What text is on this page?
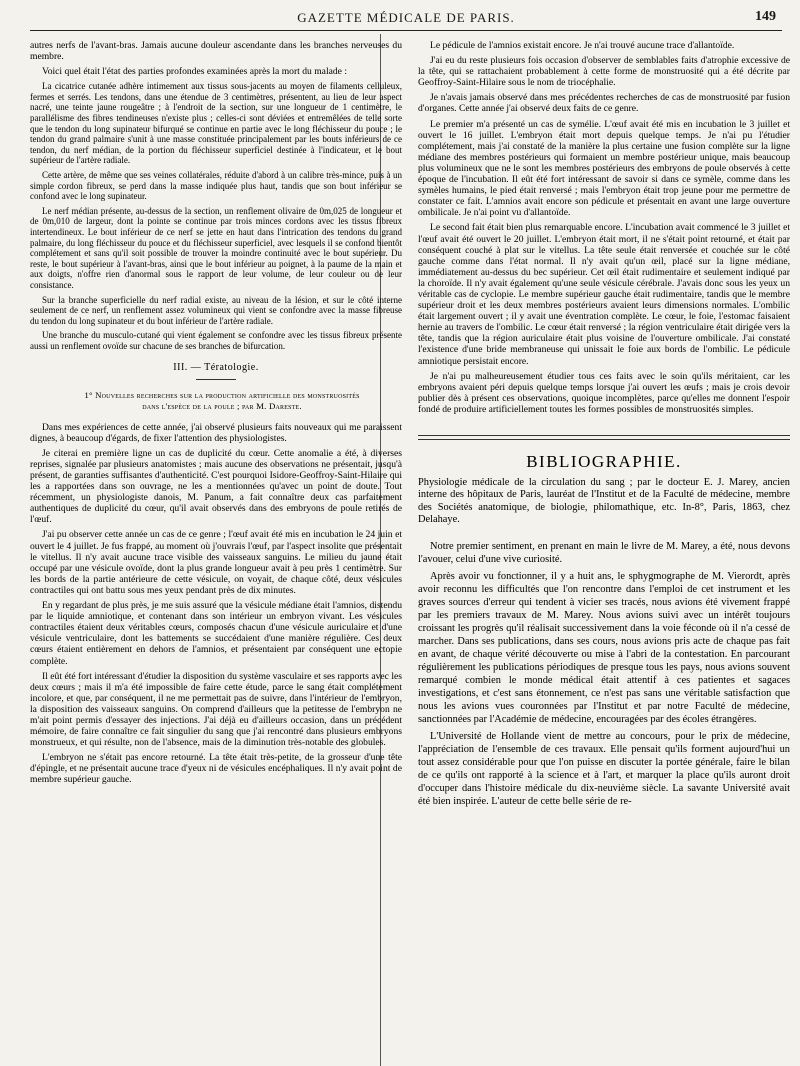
GAZETTE MÉDICALE DE PARIS.	149

autres nerfs de l'avant-bras. Jamais aucune douleur ascendante dans les branches nerveuses du membre.

Voici quel était l'état des parties profondes examinées après la mort du malade :

La cicatrice cutanée adhère intimement aux tissus sous-jacents au moyen de filaments celluleux, fermes et serrés. Les tendons, dans une étendue de 3 centimètres, présentent, au lieu de leur aspect nacré, une teinte jaune rougeâtre ; à l'endroit de la section, sur une longueur de 1 centimètre, le parallélisme des fibres tendineuses n'existe plus ; celles-ci sont déviées et entremêlées de telle sorte que le tendon du long supinateur bifurqué se continue en partie avec le long fléchisseur du pouce ; le tendon du grand palmaire s'unit à une masse constituée principalement par les bouts inférieurs de ce tendon, du nerf médian, de la portion du fléchisseur superficiel destinée à l'indicateur, et le bout supérieur de l'artère radiale.

Cette artère, de même que ses veines collatérales, réduite d'abord à un calibre très-mince, puis à un simple cordon fibreux, se perd dans la masse indiquée plus haut, tandis que son bout inférieur se confond avec le long supinateur.

Le nerf médian présente, au-dessus de la section, un renflement olivaire de 0m,025 de longueur et de 0m,010 de largeur, dont la pointe se continue par trois minces cordons avec les tissus fibreux intertendineux. Le bout inférieur de ce nerf se jette en haut dans l'intrication des tendons du grand palmaire, du long fléchisseur du pouce et du fléchisseur superficiel, avec lesquels il se confond bientôt complétement et sans qu'il soit possible de trouver la moindre continuité avec le bout supérieur. Du reste, le bout supérieur à l'avant-bras, ainsi que le bout inférieur au poignet, à la paume de la main et aux doigts, n'offre rien d'anormal sous le rapport de leur volume, de leur couleur ou de leur consistance.

Sur la branche superficielle du nerf radial existe, au niveau de la lésion, et sur le côté interne seulement de ce nerf, un renflement assez volumineux qui vient se confondre avec la masse fibreuse du tendon du long supinateur et du bout inférieur de l'artère radiale.

Une branche du musculo-cutané qui vient également se confondre avec les tissus fibreux présente aussi un renflement ovoïde sur chacune de ses branches de bifurcation.

III. — Tératologie.
1° Nouvelles recherches sur la production artificielle des monstruosités
dans l'espèce de la poule ; par M. Dareste.

Dans mes expériences de cette année, j'ai observé plusieurs faits nouveaux qui me paraissent dignes, à beaucoup d'égards, de fixer l'attention des physiologistes.

Je citerai en première ligne un cas de duplicité du cœur. Cette anomalie a été, à diverses reprises, signalée par plusieurs anatomistes ; mais aucune des observations ne présentait, jusqu'à présent, de garanties suffisantes d'authenticité. C'est pourquoi Isidore-Geoffroy-Saint-Hilaire qui les a rapportées dans son ouvrage, ne les a mentionnées qu'avec un point de doute. Tout récemment, un physiologiste danois, M. Panum, a fait connaître deux cas parfaitement authentiques de duplicité du cœur, qu'il avait observés dans des embryons de poule retirés de l'œuf.

J'ai pu observer cette année un cas de ce genre ; l'œuf avait été mis en incubation le 24 juin et ouvert le 4 juillet. Je fus frappé, au moment où j'ouvrais l'œuf, par l'aspect insolite que présentait le vitellus. Il n'y avait aucune trace visible des vaisseaux sanguins. Le milieu du jaune était occupé par une vésicule ovoïde, dont la plus grande longueur avait à peu près 1 centimètre. Sur les bords de la partie antérieure de cette vésicule, on voyait, de chaque côté, deux vésicules contractiles qui ont battu sous mes yeux pendant près de dix minutes.

En y regardant de plus près, je me suis assuré que la vésicule médiane était l'amnios, distendu par le liquide amniotique, et contenant dans son intérieur un embryon vivant. Les vésicules contractiles étaient deux véritables cœurs, composés chacun d'une vésicule auriculaire et d'une vésicule ventriculaire, dont les battements se succédaient d'une manière régulière. Ces deux cœurs étaient entièrement en dehors de l'amnios, et présentaient par conséquent une ectopie complète.

Il eût été fort intéressant d'étudier la disposition du système vasculaire et ses rapports avec les deux cœurs ; mais il m'a été impossible de faire cette étude, parce le sang était complétement incolore, et que, par conséquent, il ne me permettait pas de suivre, dans l'intérieur de l'embryon, la disposition des vaisseaux sanguins. On comprend d'ailleurs que la petitesse de l'embryon ne m'ait point permis d'essayer des injections. J'ai déjà eu d'ailleurs occasion, dans un précédent mémoire, de faire connaître ce fait singulier du sang que j'ai rencontré dans plusieurs embryons monstrueux, et qui résulte, non de l'absence, mais de la diminution très-notable des globules.

L'embryon ne s'était pas encore retourné. La tête était très-petite, de la grosseur d'une tête d'épingle, et ne présentait aucune trace d'yeux ni de vésicules encéphaliques. Il n'y avait point de membre supérieur gauche.

Le pédicule de l'amnios existait encore. Je n'ai trouvé aucune trace d'allantoïde.

J'ai eu du reste plusieurs fois occasion d'observer de semblables faits d'atrophie excessive de la tête, qui se rattachaient probablement à cette forme de monstruosité qui a été décrite par Geoffroy-Saint-Hilaire sous le nom de triocéphalie.

Je n'avais jamais observé dans mes précédentes recherches de cas de monstruosité par fusion d'organes. Cette année j'ai observé deux faits de ce genre.

Le premier m'a présenté un cas de symélie. L'œuf avait été mis en incubation le 3 juillet et ouvert le 16 juillet. L'embryon était mort depuis quelque temps. Je n'ai pu l'étudier complétement, mais j'ai constaté de la manière la plus certaine une fusion complète sur la ligne médiane des membres postérieurs qui formaient un membre postérieur unique, mais beaucoup plus volumineux que ne le sont les membres postérieurs des embryons de poule observés à cette époque de l'incubation. Il eût été fort intéressant de savoir si dans ce symèle, comme dans les symèles humains, le pied était renversé ; mais l'embryon était trop jeune pour me permettre de constater ce fait. L'amnios avait encore son pédicule et présentait en avant une large ouverture ombilicale. Je n'ai point vu d'allantoïde.

Le second fait était bien plus remarquable encore. L'incubation avait commencé le 3 juillet et l'œuf avait été ouvert le 20 juillet. L'embryon était mort, il ne s'était point retourné, et était par conséquent couché à plat sur le vitellus. La tête seule était renversée et couchée sur le côté gauche comme dans l'état normal. Il n'y avait qu'un œil, placé sur la ligne médiane, immédiatement au-dessus du bec supérieur. Cet œil était rudimentaire et seulement indiqué par la choroïde. Il n'y avait également qu'une seule vésicule cérébrale. J'avais donc sous les yeux un véritable cas de cyclopie. Le membre supérieur gauche était rudimentaire, tandis que le membre supérieur droit et les deux membres postérieurs avaient leurs dimensions normales. L'ombilic était largement ouvert ; il y avait une éventration complète. Le cœur, le foie, l'estomac faisaient hernie au travers de l'ombilic. Le cœur était renversé ; la région ventriculaire était dirigée vers la tête, tandis que la région auriculaire était plus voisine de l'ouverture ombilicale. J'ai constaté l'existence d'une bride membraneuse qui unissait le foie aux bords de l'ombilic. Le pédicule amniotique persistait encore.

Je n'ai pu malheureusement étudier tous ces faits avec le soin qu'ils méritaient, car les embryons avaient péri depuis quelque temps lorsque j'ai ouvert les œufs ; mais je crois devoir publier dès à présent ces observations, quoique incomplètes, parce qu'elles me donnent l'espoir fondé de produire artificiellement toutes les formes possibles de monstruosités simples.

BIBLIOGRAPHIE.

Physiologie médicale de la circulation du sang ; par le docteur E. J. Marey, ancien interne des hôpitaux de Paris, lauréat de l'Institut et de la Faculté de médecine, membre des Sociétés anatomique, de biologie, philomathique, etc. In-8°, Paris, 1863, chez Delahaye.

Notre premier sentiment, en prenant en main le livre de M. Marey, a été, nous devons l'avouer, celui d'une vive curiosité.

Après avoir vu fonctionner, il y a huit ans, le sphygmographe de M. Vierordt, après avoir reconnu les difficultés que l'on rencontre dans l'emploi de cet instrument et les graves sources d'erreur qui tendent à vicier ses tracés, nous avions été vivement frappé par les premiers travaux de M. Marey. Nous avions suivi avec un intérêt toujours croissant les progrès qu'il réalisait successivement dans la voie féconde où il n'a cessé de marcher. Dans ses publications, dans ses cours, nous avions pris acte de chaque pas fait en avant, de chaque vérité découverte ou mise à l'abri de la contestation. En parcourant régulièrement les publications périodiques de presque tous les pays, nous avions souvent remarqué combien le monde médical était attentif à ces patientes et sagaces investigations, et c'est sans étonnement, ce n'est pas sans une véritable satisfaction que nous les avions vues couronnées par l'Institut et par notre Faculté de médecine, sanctionnées par l'Académie de médecine, encouragées par des écoles étrangères.

L'Université de Hollande vient de mettre au concours, pour le prix de médecine, l'appréciation de l'ensemble de ces travaux. Elle pensait qu'ils forment aujourd'hui un tout assez considérable pour que l'on puisse en discuter la portée générale, faire le bilan de ce qu'ils ont rapporté à la science et à l'art, et marquer la place qu'ils auront droit d'occuper dans l'histoire médicale du dix-neuvième siècle. La savante Université avait été bien inspirée. L'auteur de cette belle série de re-
